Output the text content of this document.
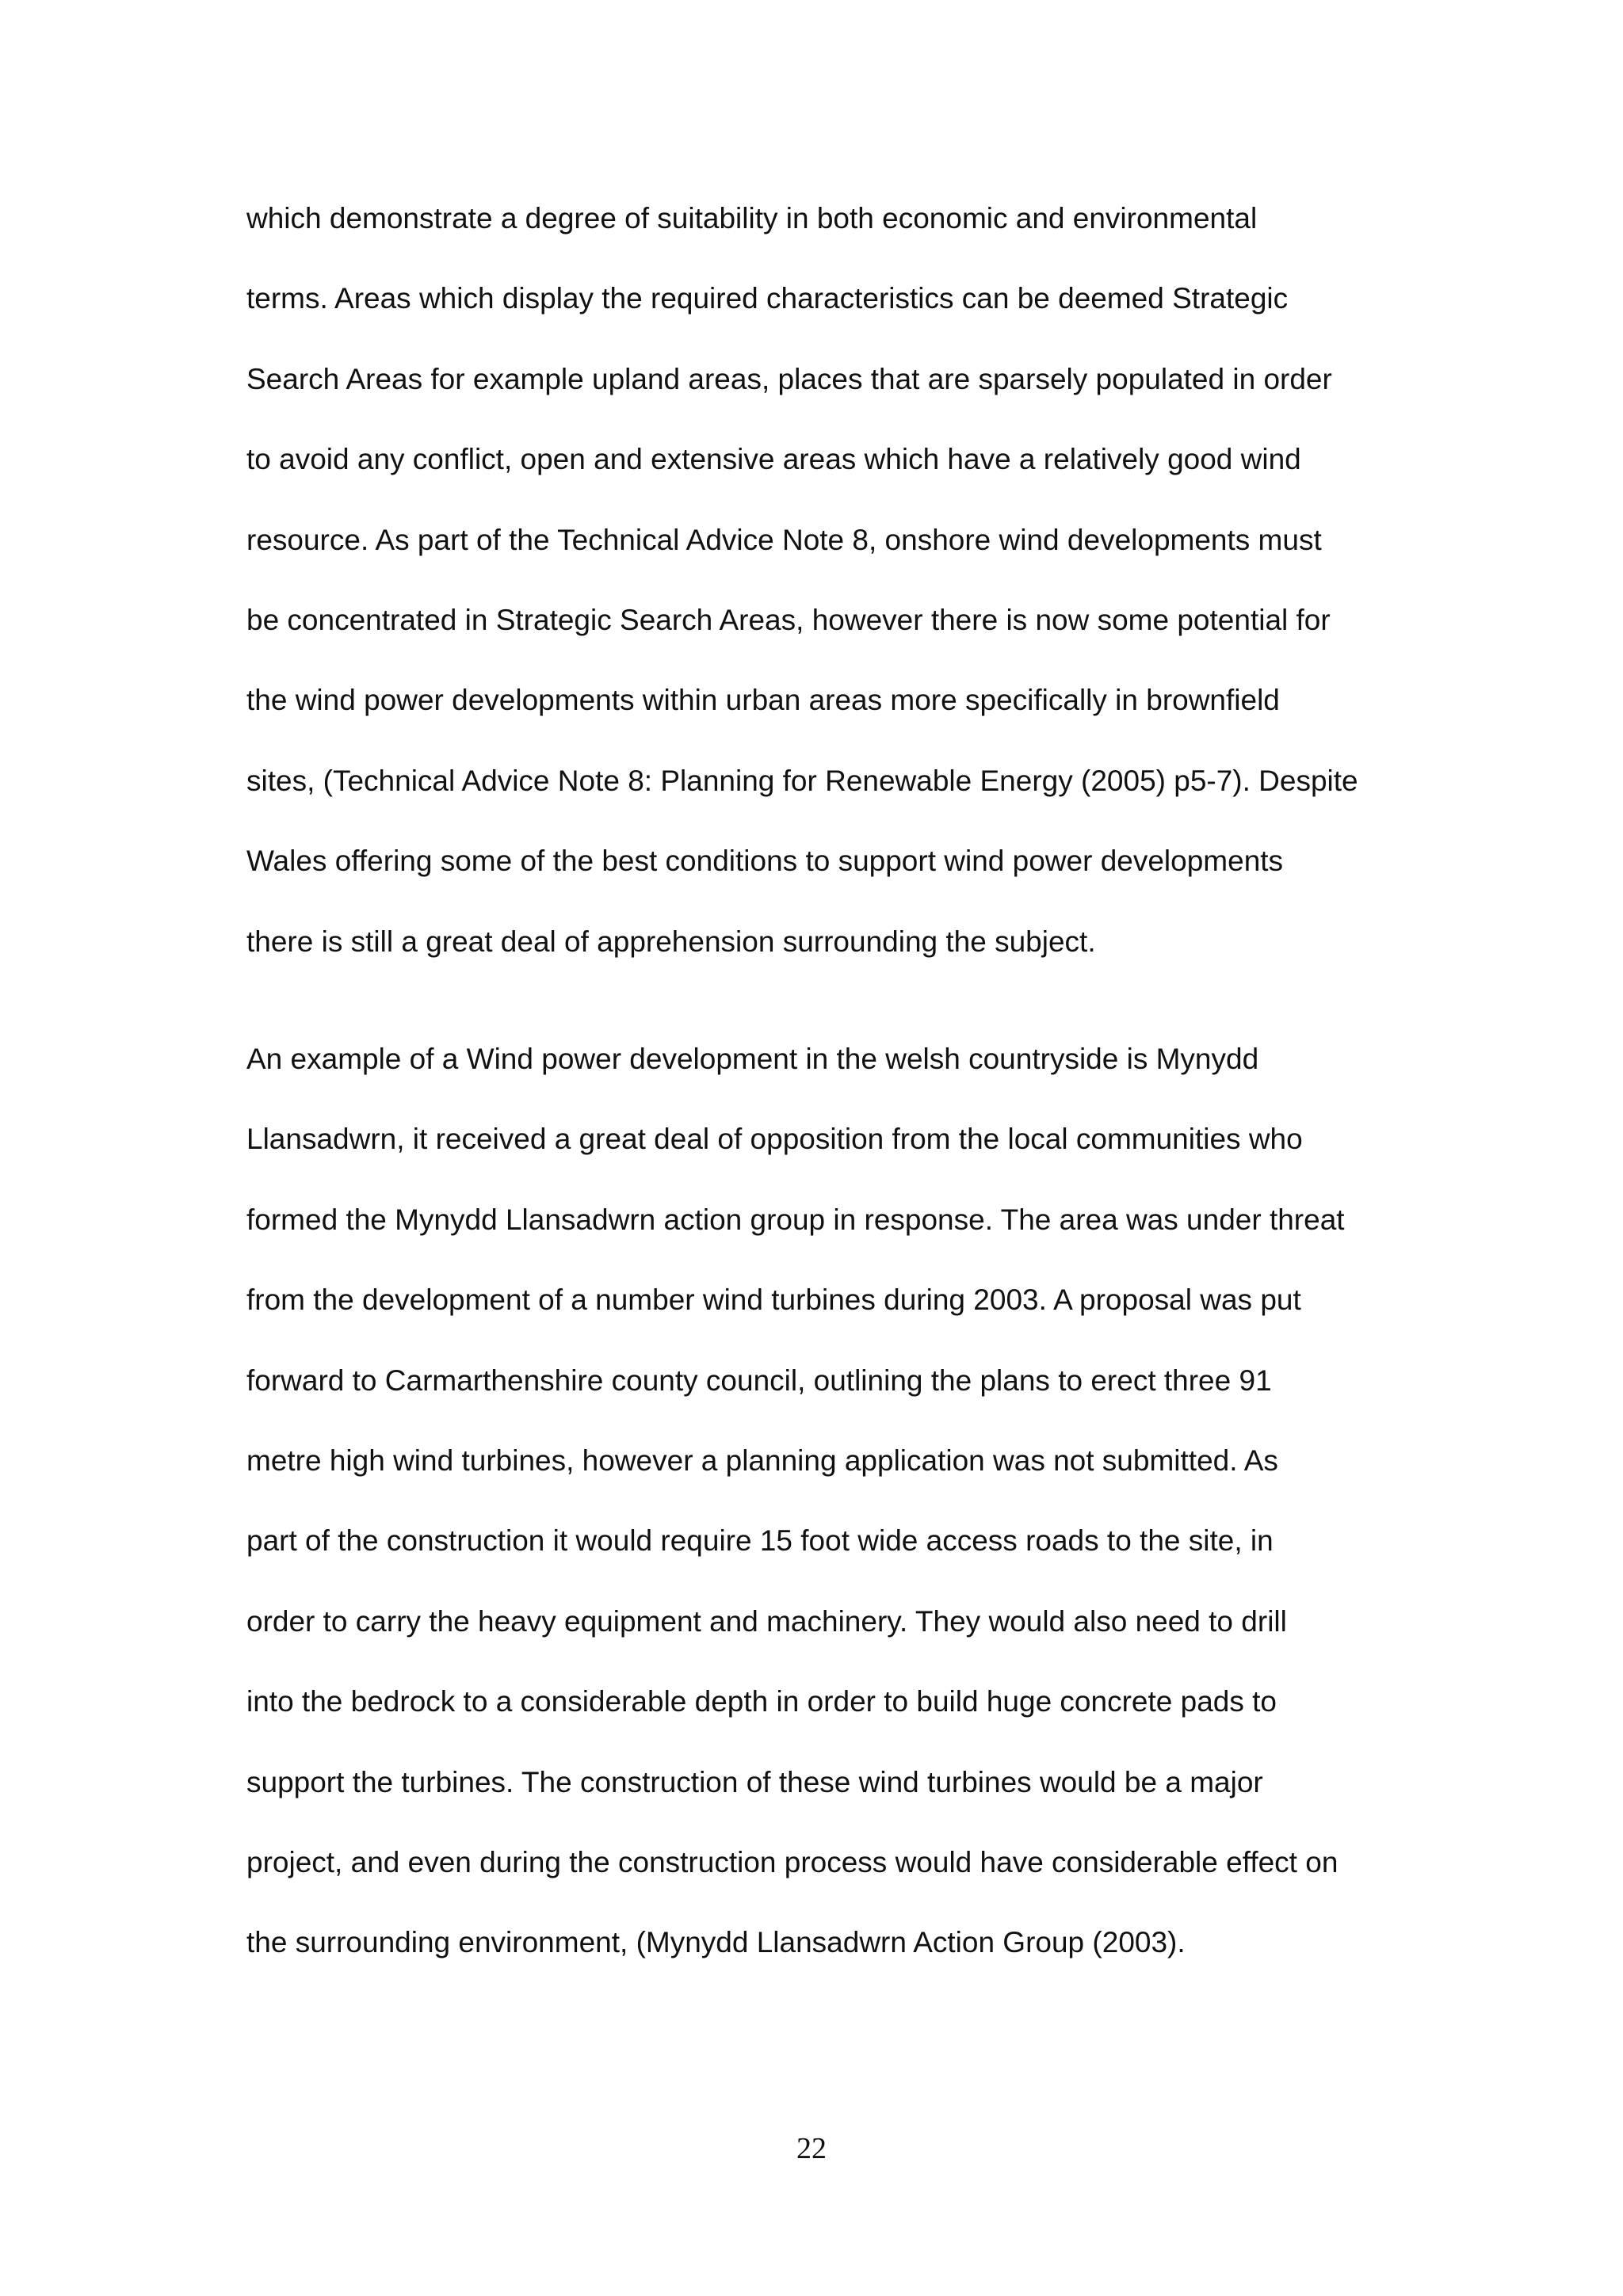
which demonstrate a degree of suitability in both economic and environmental
terms. Areas which display the required characteristics can be deemed Strategic
Search Areas for example upland areas, places that are sparsely populated in order
to avoid any conflict, open and extensive areas which have a relatively good wind
resource. As part of the Technical Advice Note 8, onshore wind developments must
be concentrated in Strategic Search Areas, however there is now some potential for
the wind power developments within urban areas more specifically in brownfield
sites, (Technical Advice Note 8: Planning for Renewable Energy (2005) p5-7). Despite
Wales offering some of the best conditions to support wind power developments
there is still a great deal of apprehension surrounding the subject.
An example of a Wind power development in the welsh countryside is Mynydd
Llansadwrn, it received a great deal of opposition from the local communities who
formed the Mynydd Llansadwrn action group in response. The area was under threat
from the development of a number wind turbines during 2003. A proposal was put
forward to Carmarthenshire county council, outlining the plans to erect three 91
metre high wind turbines, however a planning application was not submitted. As
part of the construction it would require 15 foot wide access roads to the site, in
order to carry the heavy equipment and machinery. They would also need to drill
into the bedrock to a considerable depth in order to build huge concrete pads to
support the turbines. The construction of these wind turbines would be a major
project, and even during the construction process would have considerable effect on
the surrounding environment, (Mynydd Llansadwrn Action Group (2003).
22
